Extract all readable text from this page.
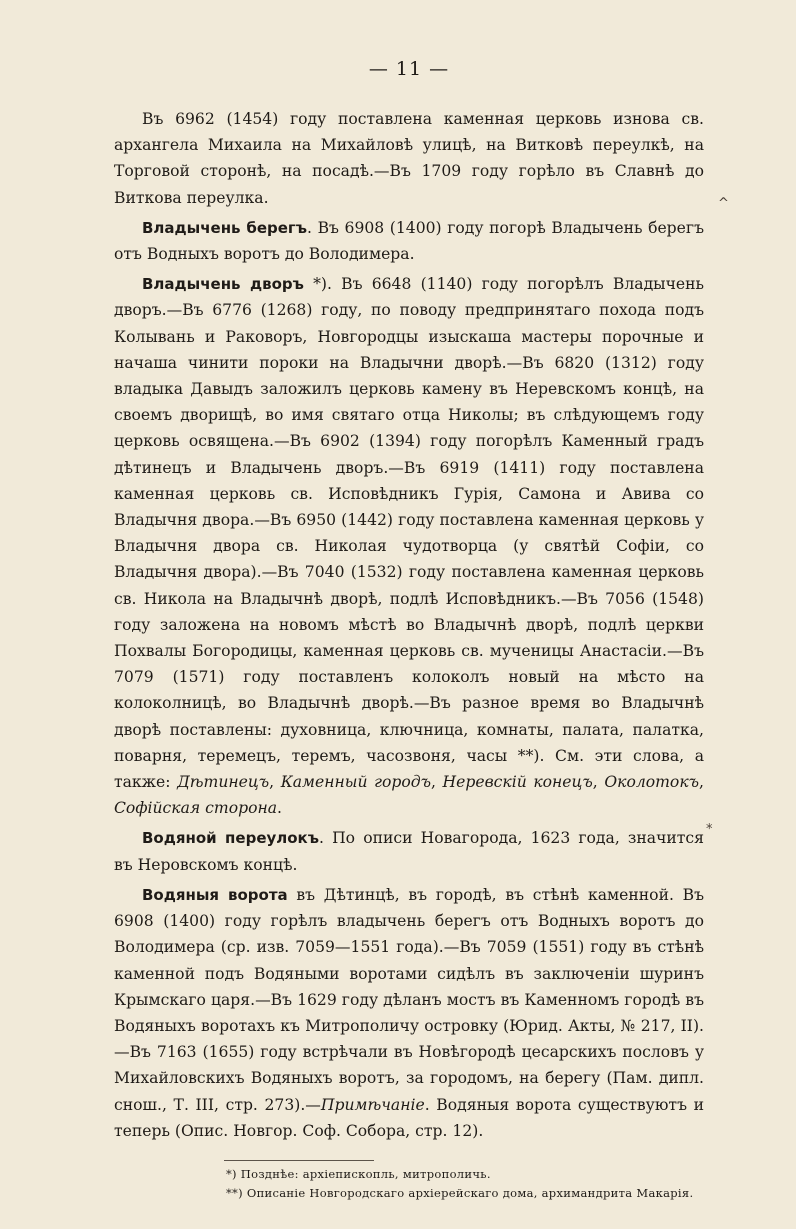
— 11 —

Въ 6962 (1454) году поставлена каменная церковь изнова св. архангела Михаила на Михайловѣ улицѣ, на Витковѣ переулкѣ, на Торговой сторонѣ, на посадѣ.—Въ 1709 году горѣло въ Славнѣ до Виткова переулка.

Владычень берегъ. Въ 6908 (1400) году погорѣ Владычень берегъ отъ Водныхъ воротъ до Володимера.

Владычень дворъ *). Въ 6648 (1140) году погорѣлъ Владычень дворъ.—Въ 6776 (1268) году, по поводу предпринятаго похода подъ Колывань и Раковоръ, Новгородцы изыскаша мастеры порочные и начаша чинити пороки на Владычни дворѣ.—Въ 6820 (1312) году владыка Давыдъ заложилъ церковь камену въ Неревскомъ концѣ, на своемъ дворищѣ, во имя святаго отца Николы; въ слѣдующемъ году церковь освящена.—Въ 6902 (1394) году погорѣлъ Каменный градъ дѣтинецъ и Владычень дворъ.—Въ 6919 (1411) году поставлена каменная церковь св. Исповѣдникъ Гурія, Самона и Авива со Владычня двора.—Въ 6950 (1442) году поставлена каменная церковь у Владычня двора св. Николая чудотворца (у святѣй Софіи, со Владычня двора).—Въ 7040 (1532) году поставлена каменная церковь св. Никола на Владычнѣ дворѣ, подлѣ Исповѣдникъ.—Въ 7056 (1548) году заложена на новомъ мѣстѣ во Владычнѣ дворѣ, подлѣ церкви Похвалы Богородицы, каменная церковь св. мученицы Анастасіи.—Въ 7079 (1571) году поставленъ колоколъ новый на мѣсто на колоколницѣ, во Владычнѣ дворѣ.—Въ разное время во Владычнѣ дворѣ поставлены: духовница, ключница, комнаты, палата, палатка, поварня, теремецъ, теремъ, часозвоня, часы **). См. эти слова, а также: Дѣтинецъ, Каменный городъ, Неревскій конецъ, Околотокъ, Софійская сторона.

Водяной переулокъ. По описи Новагорода, 1623 года, значится въ Неровскомъ концѣ.

Водяныя ворота въ Дѣтинцѣ, въ городѣ, въ стѣнѣ каменной. Въ 6908 (1400) году горѣлъ владычень берегъ отъ Водныхъ воротъ до Володимера (ср. изв. 7059—1551 года).—Въ 7059 (1551) году въ стѣнѣ каменной подъ Водяными воротами сидѣлъ въ заключеніи шуринъ Крымскаго царя.—Въ 1629 году дѣланъ мостъ въ Каменномъ городѣ въ Водяныхъ воротахъ къ Митрополичу островку (Юрид. Акты, № 217, II).—Въ 7163 (1655) году встрѣчали въ Новѣгородѣ цесарскихъ пословъ у Михайловскихъ Водяныхъ воротъ, за городомъ, на берегу (Пам. дипл. снош., Т. III, стр. 273).—Примѣчаніе. Водяныя ворота существуютъ и теперь (Опис. Новгор. Соф. Собора, стр. 12).

*) Позднѣе: архіепископль, митрополичь.
**) Описаніе Новгородскаго архіерейскаго дома, архимандрита Макарія.
^
*
